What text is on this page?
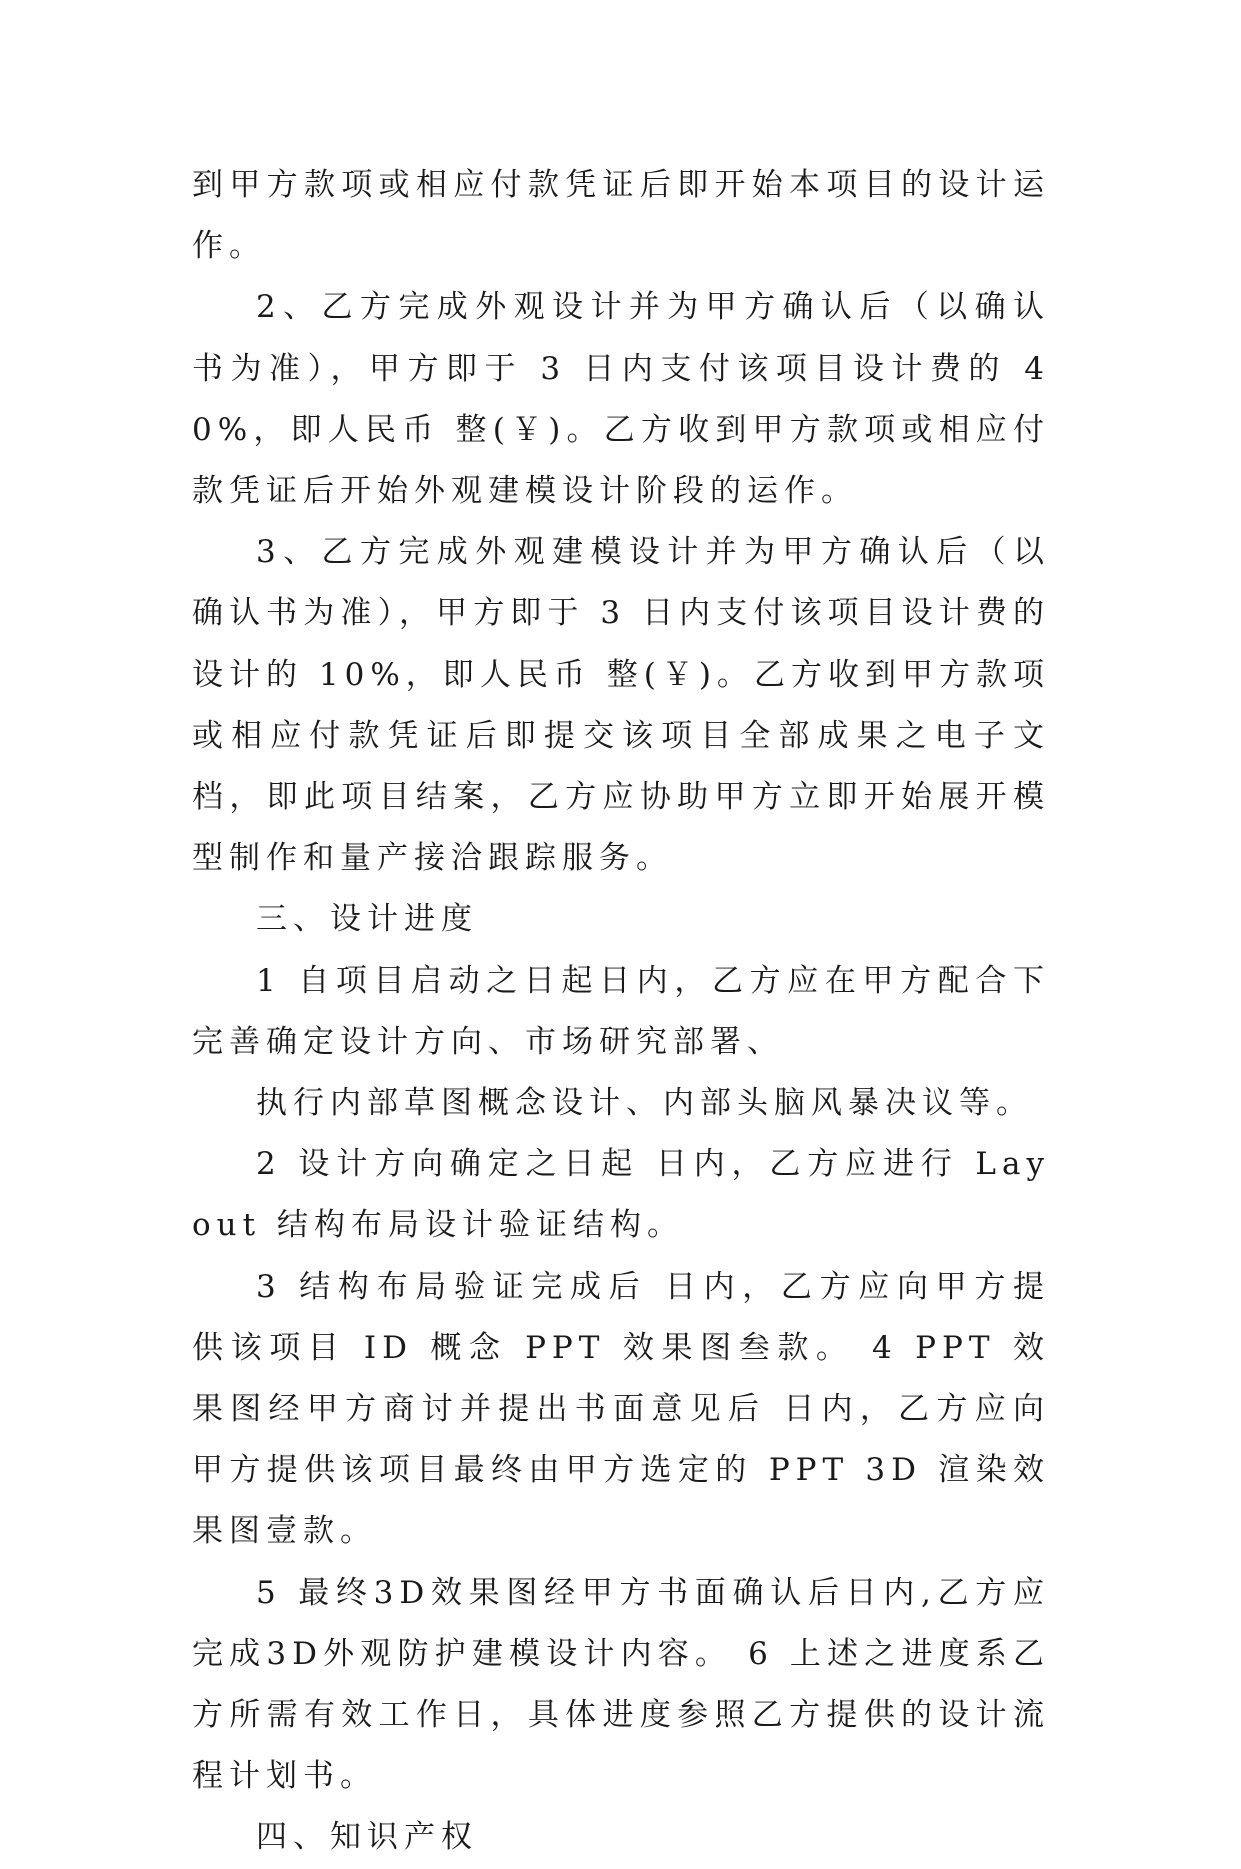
到甲方款项或相应付款凭证后即开始本项目的设计运作。

2、乙方完成外观设计并为甲方确认后（以确认书为准），甲方即于 3 日内支付该项目设计费的 40%，即人民币 整(￥)。乙方收到甲方款项或相应付款凭证后开始外观建模设计阶段的运作。

3、乙方完成外观建模设计并为甲方确认后（以确认书为准），甲方即于 3 日内支付该项目设计费的设计的 10%，即人民币 整(￥)。乙方收到甲方款项或相应付款凭证后即提交该项目全部成果之电子文档，即此项目结案，乙方应协助甲方立即开始展开模型制作和量产接洽跟踪服务。

三、设计进度

1 自项目启动之日起日内，乙方应在甲方配合下完善确定设计方向、市场研究部署、

执行内部草图概念设计、内部头脑风暴决议等。

2 设计方向确定之日起 日内，乙方应进行 Layout 结构布局设计验证结构。

3 结构布局验证完成后 日内，乙方应向甲方提供该项目 ID 概念 PPT 效果图叁款。 4 PPT 效果图经甲方商讨并提出书面意见后 日内，乙方应向甲方提供该项目最终由甲方选定的 PPT 3D 渲染效果图壹款。

5 最终3D效果图经甲方书面确认后日内,乙方应完成3D外观防护建模设计内容。 6 上述之进度系乙方所需有效工作日，具体进度参照乙方提供的设计流程计划书。

四、知识产权
